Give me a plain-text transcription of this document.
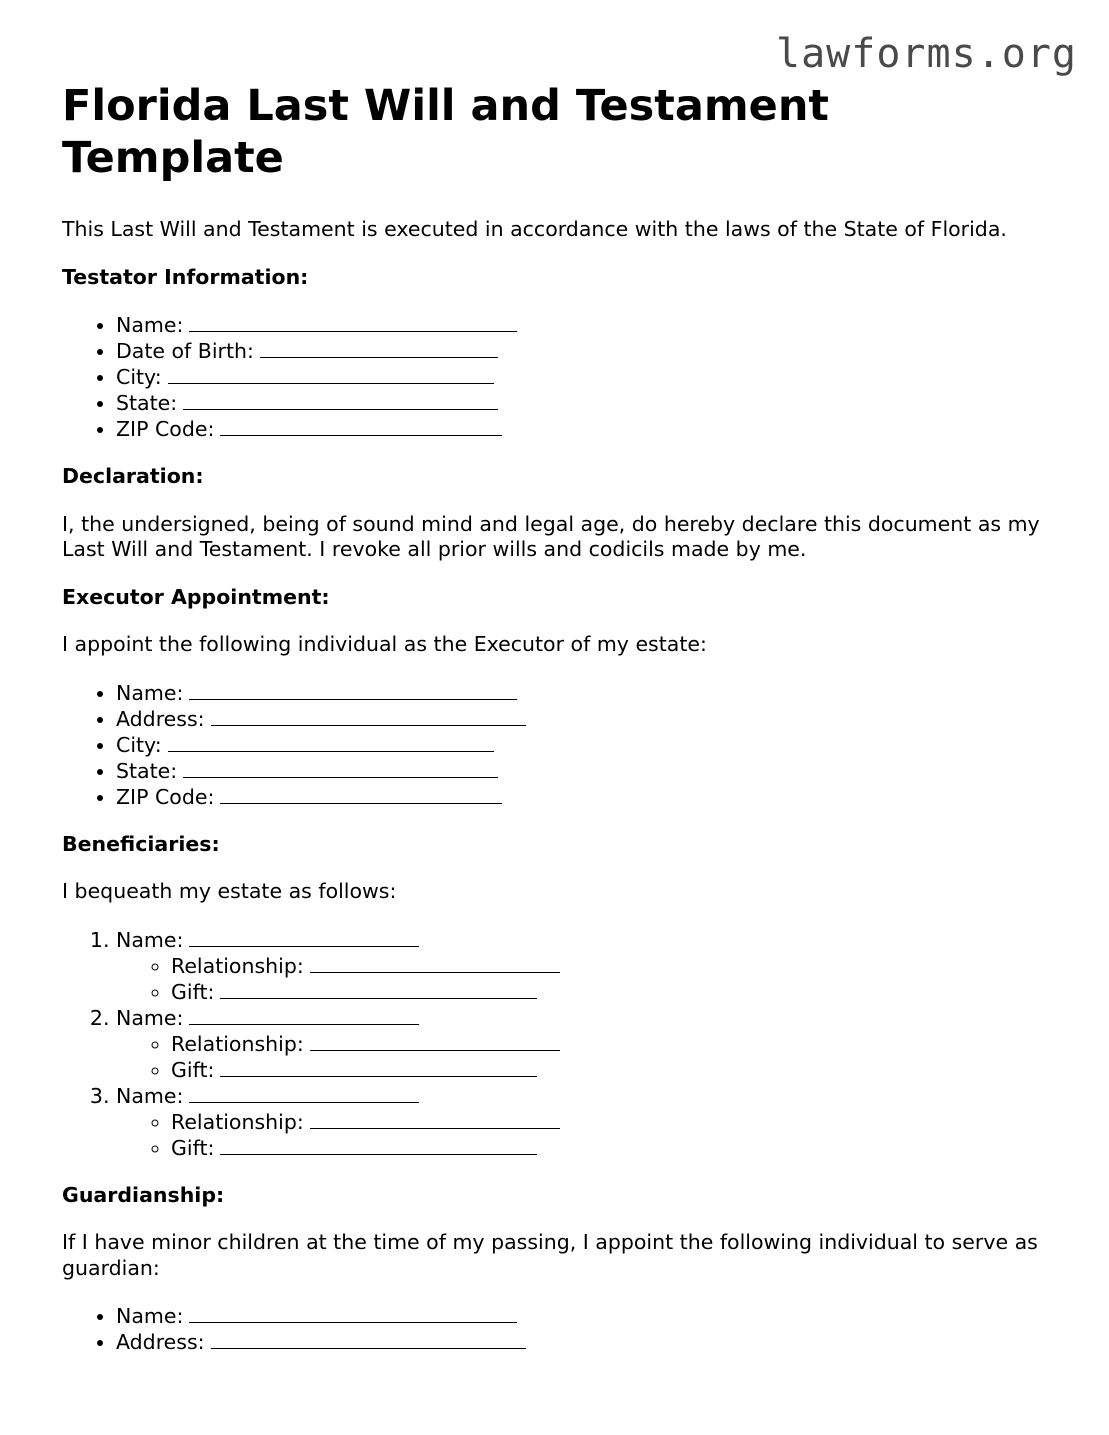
lawforms.org
Florida Last Will and Testament Template

This Last Will and Testament is executed in accordance with the laws of the State of Florida.

Testator Information:
• Name:
• Date of Birth:
• City:
• State:
• ZIP Code:
Declaration:

I, the undersigned, being of sound mind and legal age, do hereby declare this document as my Last Will and Testament. I revoke all prior wills and codicils made by me.

Executor Appointment:

I appoint the following individual as the Executor of my estate:

• Name:
• Address:
• City:
• State:
• ZIP Code:
Beneficiaries:

I bequeath my estate as follows:

1. Name:
◦ Relationship:
◦ Gift:
2. Name:
◦ Relationship:
◦ Gift:
3. Name:
◦ Relationship:
◦ Gift:
Guardianship:

If I have minor children at the time of my passing, I appoint the following individual to serve as guardian:

• Name:
• Address:
